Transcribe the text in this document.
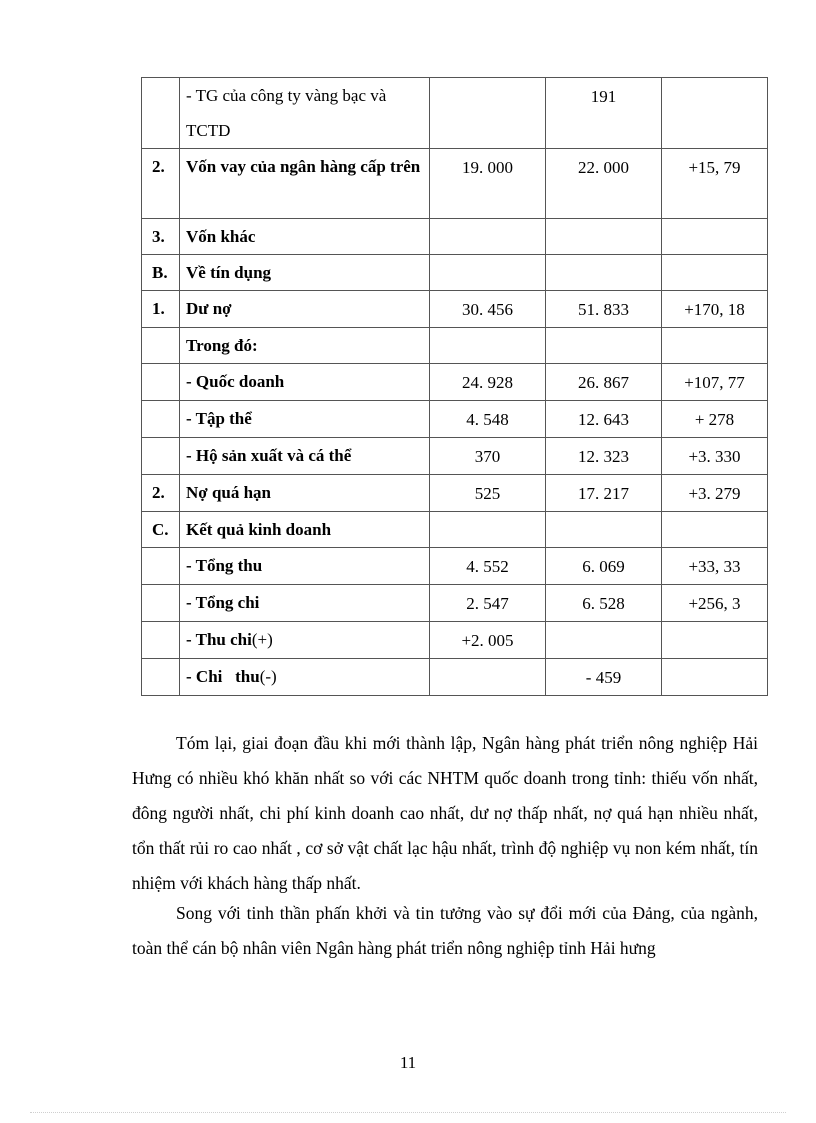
	- TG của công ty vàng bạc và TCTD		191	
2.	Vốn vay của ngân hàng cấp trên	19. 000	22. 000	+15, 79
3.	Vốn khác			
B.	Về tín dụng			
1.	Dư nợ	30. 456	51. 833	+170, 18
	Trong đó:			
	- Quốc doanh	24. 928	26. 867	+107, 77
	- Tập thể	4. 548	12. 643	+ 278
	- Hộ sản xuất và cá thể	370	12. 323	+3. 330
2.	Nợ quá hạn	525	17. 217	+3. 279
C.	Kết quả kinh doanh			
	- Tổng thu	4. 552	6. 069	+33, 33
	- Tổng chi	2. 547	6. 528	+256, 3
	- Thu chi(+)	+2. 005		
	- Chi   thu(-)		- 459	

Tóm lại, giai đoạn đầu khi mới thành lập, Ngân hàng phát triển nông nghiệp Hải Hưng có nhiều khó khăn nhất so với các NHTM quốc doanh trong tỉnh: thiếu vốn nhất, đông người nhất, chi phí kinh doanh cao nhất, dư nợ thấp nhất, nợ quá hạn nhiều nhất, tổn thất rủi ro cao nhất , cơ sở vật chất lạc hậu nhất, trình độ nghiệp vụ non kém nhất, tín nhiệm với khách hàng thấp nhất.

Song với tinh thần phấn khởi và tin tưởng vào sự đổi mới của Đảng, của ngành, toàn thể cán bộ nhân viên Ngân hàng phát triển nông nghiệp tỉnh Hải hưng

11
